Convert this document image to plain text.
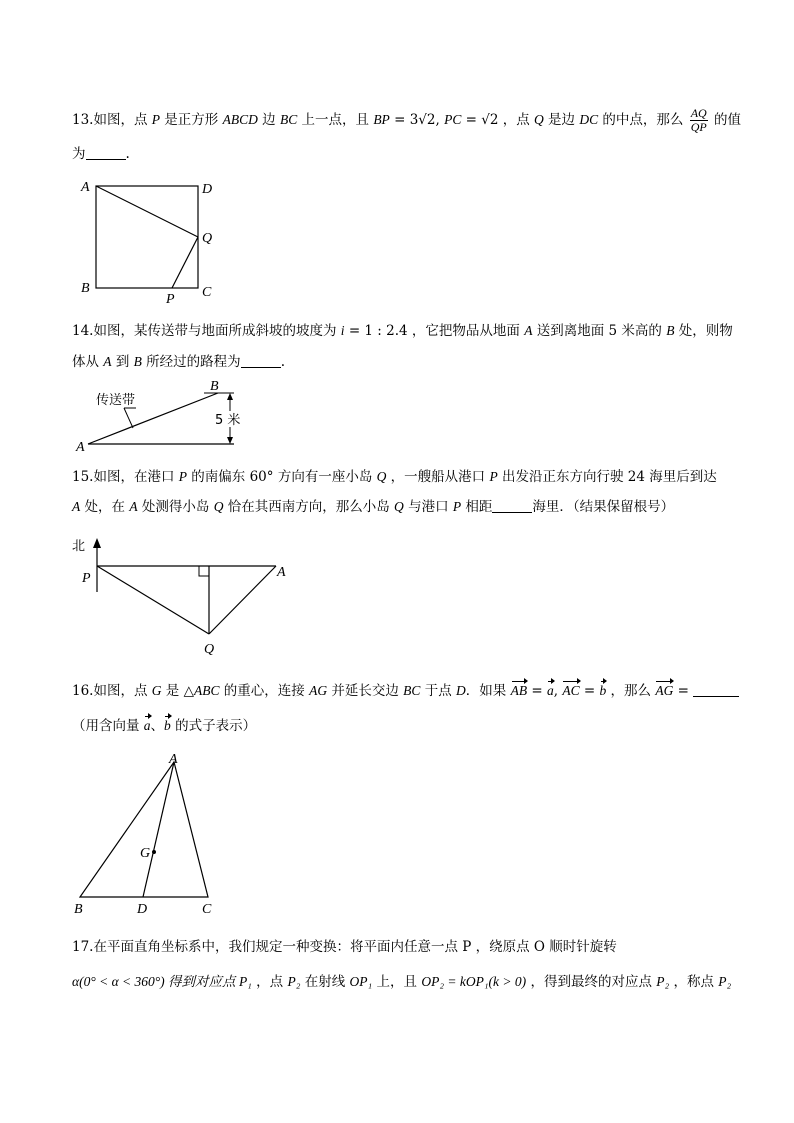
13.如图，点 P 是正方形 ABCD 边 BC 上一点，且 BP = 3√2, PC = √2 ，点 Q 是边 DC 的中点，那么 $\frac{AQ}{QP}$ 的值
为	.
A	D
Q
B	C
P
14.如图，某传送带与地面所成斜坡的坡度为 i = 1 : 2.4 ，它把物品从地面 A 送到离地面 5 米高的 B 处，则物
体从 A 到 B 所经过的路程为	.
传送带
B
A
5 米
15.如图，在港口 P 的南偏东 60° 方向有一座小岛 Q ，一艘船从港口 P 出发沿正东方向行驶 24 海里后到达
A 处，在 A 处测得小岛 Q 恰在其西南方向，那么小岛 Q 与港口 P 相距	海里．（结果保留根号）
北
P	A
Q
16.如图，点 G 是 △ABC 的重心，连接 AG 并延长交边 BC 于点 D．如果 AB = a, AC = b ，那么 AG =
（用含向量 a、b 的式子表示）
A
B	D	C
G
17.在平面直角坐标系中，我们规定一种变换：将平面内任意一点 P ，绕原点 O 顺时针旋转
α(0° < α < 360°) 得到对应点 P₁ ，点 P₂ 在射线 OP₁ 上，且 OP₂ = kOP₁(k > 0) ，得到最终的对应点 P₂ ，称点 P₂
